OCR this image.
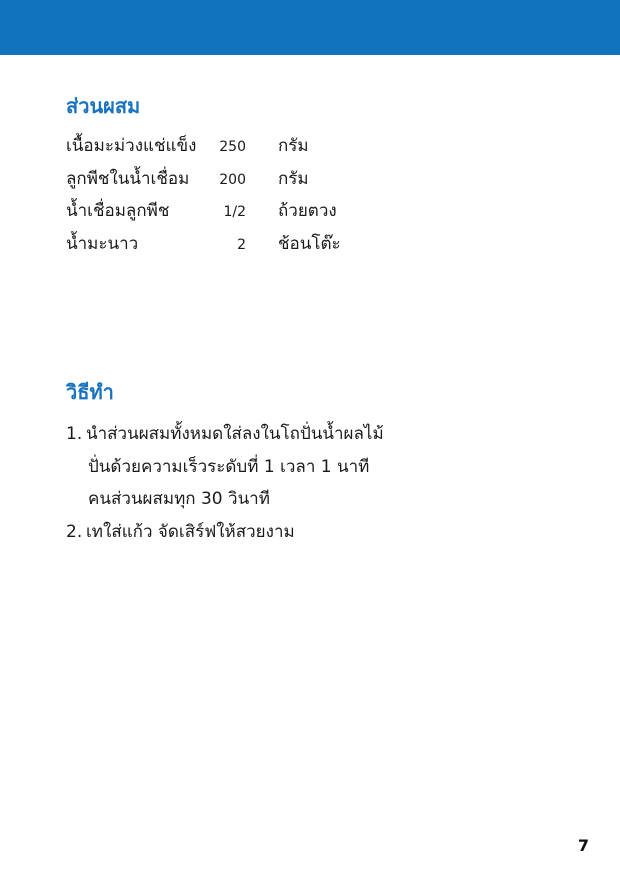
ส่วนผสม
เนื้อมะม่วงแช่แข็ง	250 กรัม
ลูกพีชในน้ำเชื่อม	200 กรัม
น้ำเชื่อมลูกพีช	1/2 ถ้วยตวง
น้ำมะนาว	2 ช้อนโต๊ะ
วิธีทำ
1. นำส่วนผสมทั้งหมดใส่ลงในโถปั่นน้ำผลไม้
ปั่นด้วยความเร็วระดับที่ 1 เวลา 1 นาที
คนส่วนผสมทุก 30 วินาที
2. เทใส่แก้ว จัดเสิร์ฟให้สวยงาม
7
